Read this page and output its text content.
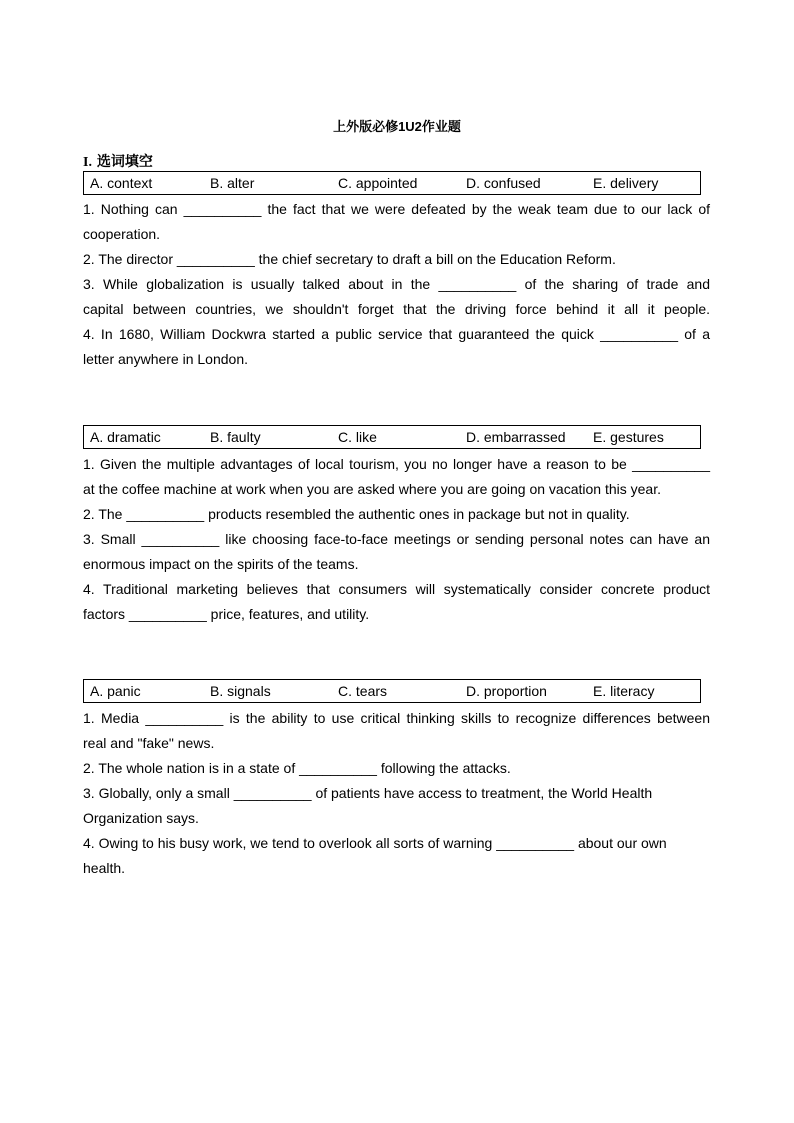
上外版必修1U2作业题
I. 选词填空
A. context	B. alter	C. appointed	D. confused	E. delivery
1. Nothing can __________ the fact that we were defeated by the weak team due to our lack of
cooperation.
2. The director __________ the chief secretary to draft a bill on the Education Reform.
3. While globalization is usually talked about in the __________ of the sharing of trade and
capital between countries, we shouldn't forget that the driving force behind it all it people.
4. In 1680, William Dockwra started a public service that guaranteed the quick __________ of a
letter anywhere in London.
A. dramatic	B. faulty	C. like	D. embarrassed E. gestures
1. Given the multiple advantages of local tourism, you no longer have a reason to be __________
at the coffee machine at work when you are asked where you are going on vacation this year.
2. The __________ products resembled the authentic ones in package but not in quality.
3. Small __________ like choosing face-to-face meetings or sending personal notes can have an
enormous impact on the spirits of the teams.
4. Traditional marketing believes that consumers will systematically consider concrete product
factors __________ price, features, and utility.
A. panic	B. signals	C. tears	D. proportion	E. literacy
1. Media __________ is the ability to use critical thinking skills to recognize differences between
real and "fake" news.
2. The whole nation is in a state of __________ following the attacks.
3. Globally, only a small __________ of patients have access to treatment, the World Health
Organization says.
4. Owing to his busy work, we tend to overlook all sorts of warning __________ about our own
health.
